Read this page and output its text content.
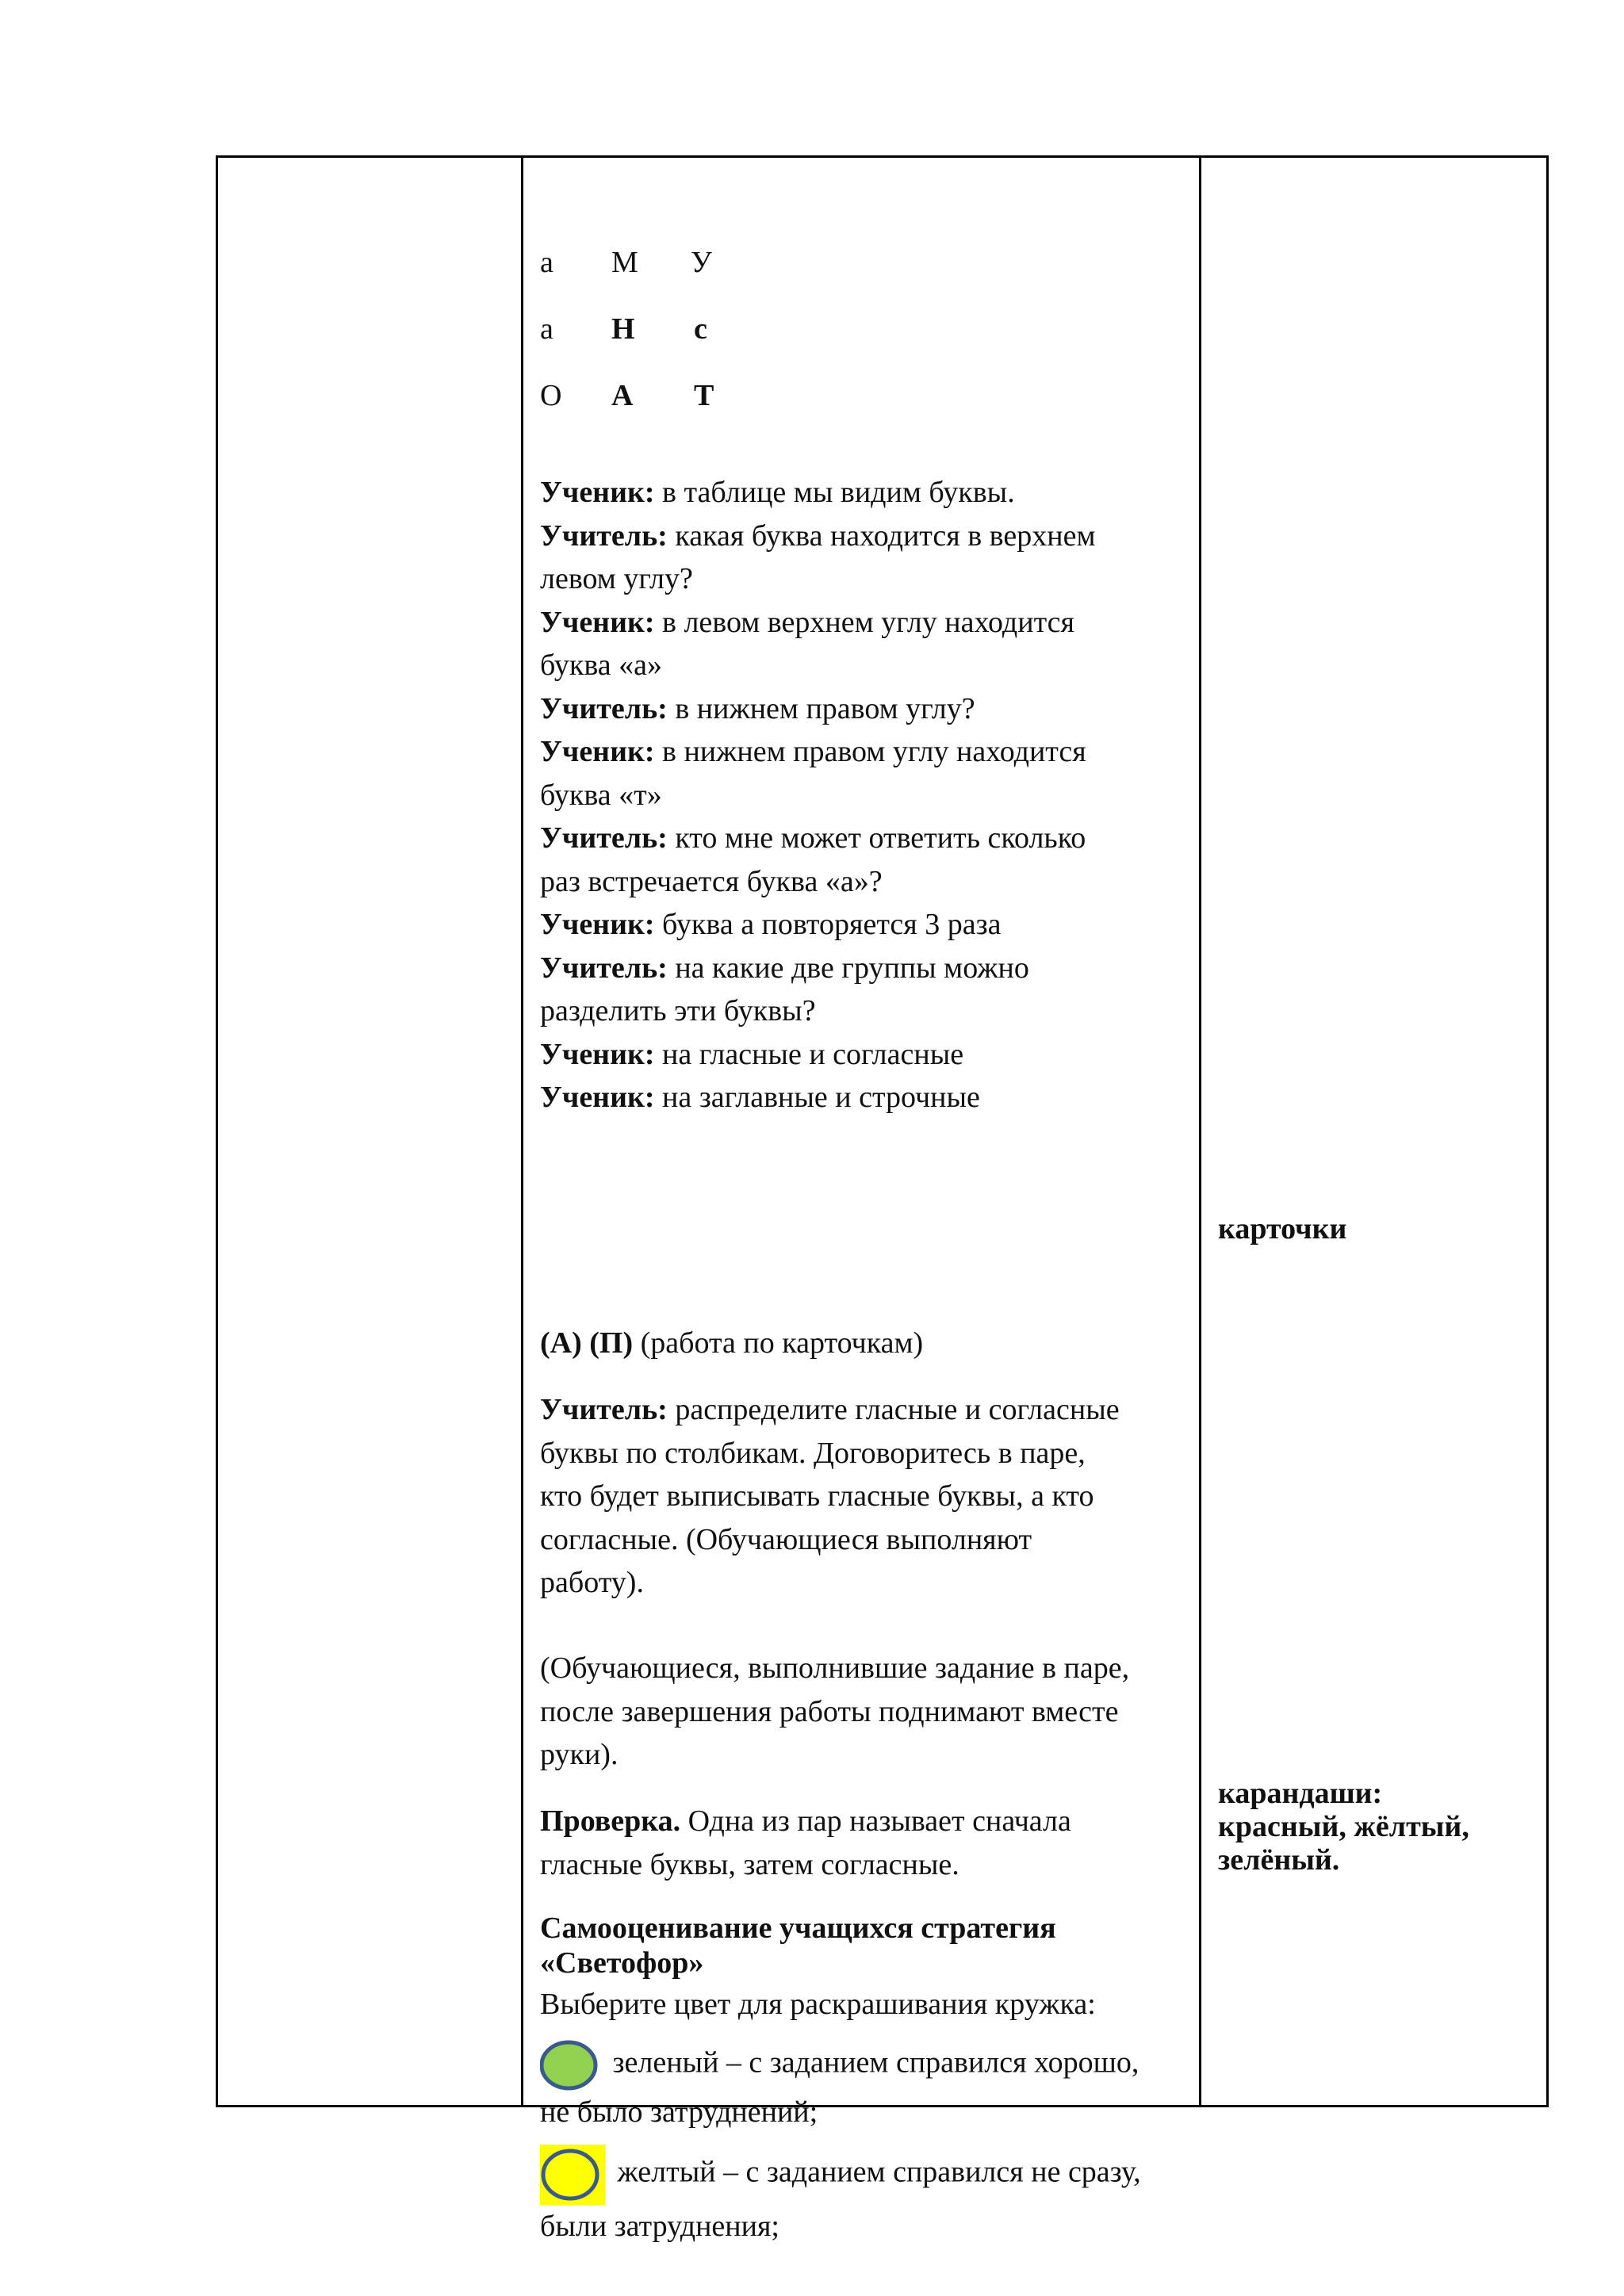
а М У
а Н с
О А Т
Ученик: в таблице мы видим буквы.
Учитель: какая буква находится в верхнем
левом углу?
Ученик: в левом верхнем углу находится
буква «а»
Учитель: в нижнем правом углу?
Ученик: в нижнем правом углу находится
буква «т»
Учитель: кто мне может ответить сколько
раз встречается буква «а»?
Ученик: буква а повторяется 3 раза
Учитель: на какие две группы можно
разделить эти буквы?
Ученик: на гласные и согласные
Ученик: на заглавные и строчные
(А) (П) (работа по карточкам)
Учитель: распределите гласные и согласные
буквы по столбикам. Договоритесь в паре,
кто будет выписывать гласные буквы, а кто
согласные. (Обучающиеся выполняют
работу).
(Обучающиеся, выполнившие задание в паре,
после завершения работы поднимают вместе
руки).
Проверка. Одна из пар называет сначала
гласные буквы, затем согласные.
Самооценивание учащихся стратегия
«Светофор»
Выберите цвет для раскрашивания кружка:
зеленый – с заданием справился хорошо,
не было затруднений;
желтый – с заданием справился не сразу,
были затруднения;
карточки
карандаши:
красный, жёлтый,
зелёный.
